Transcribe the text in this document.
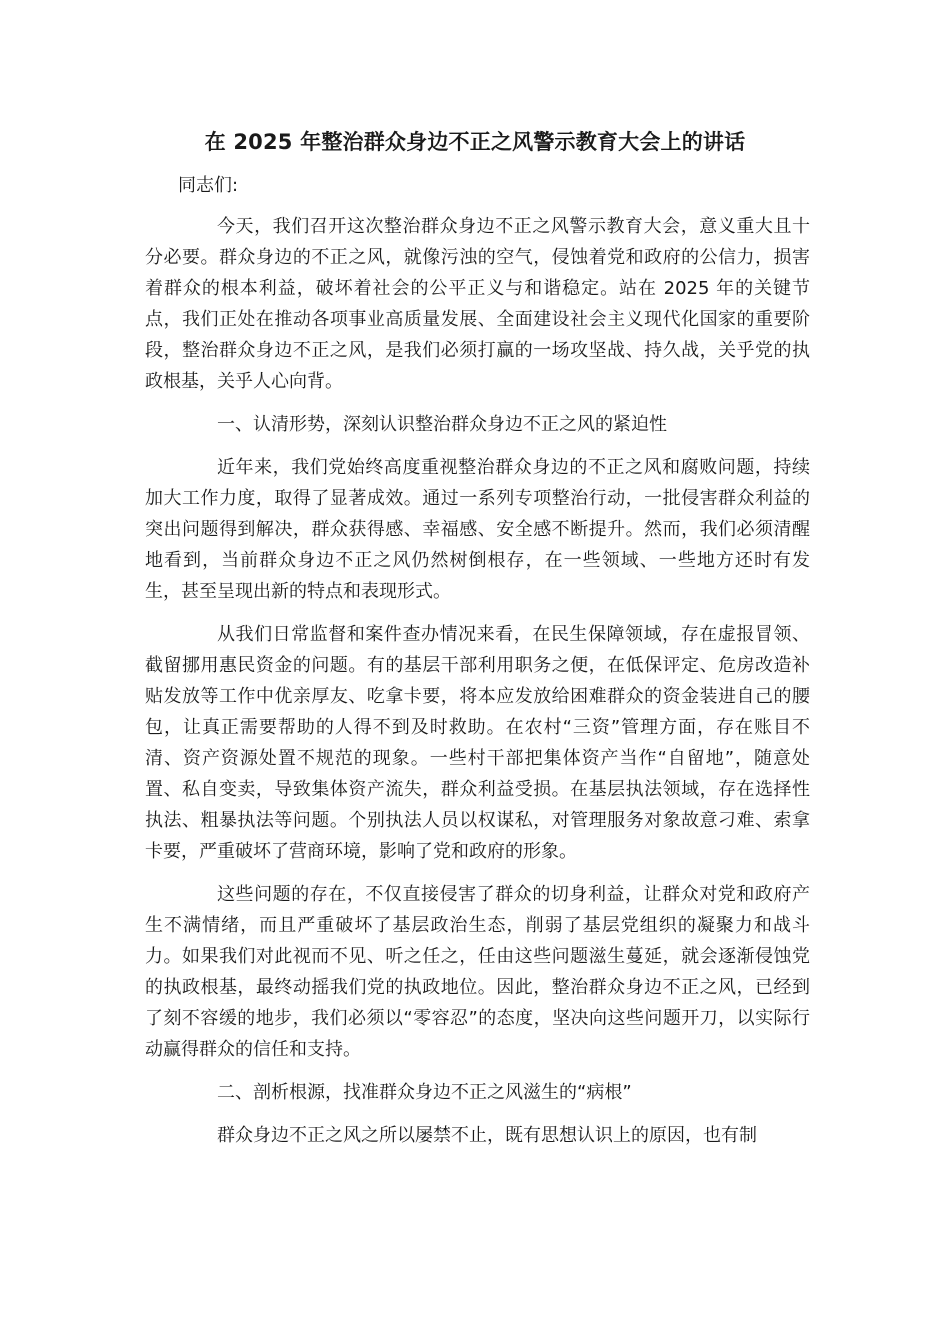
在 2025 年整治群众身边不正之风警示教育大会上的讲话

同志们:

今天，我们召开这次整治群众身边不正之风警示教育大会，意义重大且十分必要。群众身边的不正之风，就像污浊的空气，侵蚀着党和政府的公信力，损害着群众的根本利益，破坏着社会的公平正义与和谐稳定。站在 2025 年的关键节点，我们正处在推动各项事业高质量发展、全面建设社会主义现代化国家的重要阶段，整治群众身边不正之风，是我们必须打赢的一场攻坚战、持久战，关乎党的执政根基，关乎人心向背。

一、认清形势，深刻认识整治群众身边不正之风的紧迫性

近年来，我们党始终高度重视整治群众身边的不正之风和腐败问题，持续加大工作力度，取得了显著成效。通过一系列专项整治行动，一批侵害群众利益的突出问题得到解决，群众获得感、幸福感、安全感不断提升。然而，我们必须清醒地看到，当前群众身边不正之风仍然树倒根存，在一些领域、一些地方还时有发生，甚至呈现出新的特点和表现形式。

从我们日常监督和案件查办情况来看，在民生保障领域，存在虚报冒领、截留挪用惠民资金的问题。有的基层干部利用职务之便，在低保评定、危房改造补贴发放等工作中优亲厚友、吃拿卡要，将本应发放给困难群众的资金装进自己的腰包，让真正需要帮助的人得不到及时救助。在农村“三资”管理方面，存在账目不清、资产资源处置不规范的现象。一些村干部把集体资产当作“自留地”，随意处置、私自变卖，导致集体资产流失，群众利益受损。在基层执法领域，存在选择性执法、粗暴执法等问题。个别执法人员以权谋私，对管理服务对象故意刁难、索拿卡要，严重破坏了营商环境，影响了党和政府的形象。

这些问题的存在，不仅直接侵害了群众的切身利益，让群众对党和政府产生不满情绪，而且严重破坏了基层政治生态，削弱了基层党组织的凝聚力和战斗力。如果我们对此视而不见、听之任之，任由这些问题滋生蔓延，就会逐渐侵蚀党的执政根基，最终动摇我们党的执政地位。因此，整治群众身边不正之风，已经到了刻不容缓的地步，我们必须以“零容忍”的态度，坚决向这些问题开刀，以实际行动赢得群众的信任和支持。

二、剖析根源，找准群众身边不正之风滋生的“病根”

群众身边不正之风之所以屡禁不止，既有思想认识上的原因，也有制
